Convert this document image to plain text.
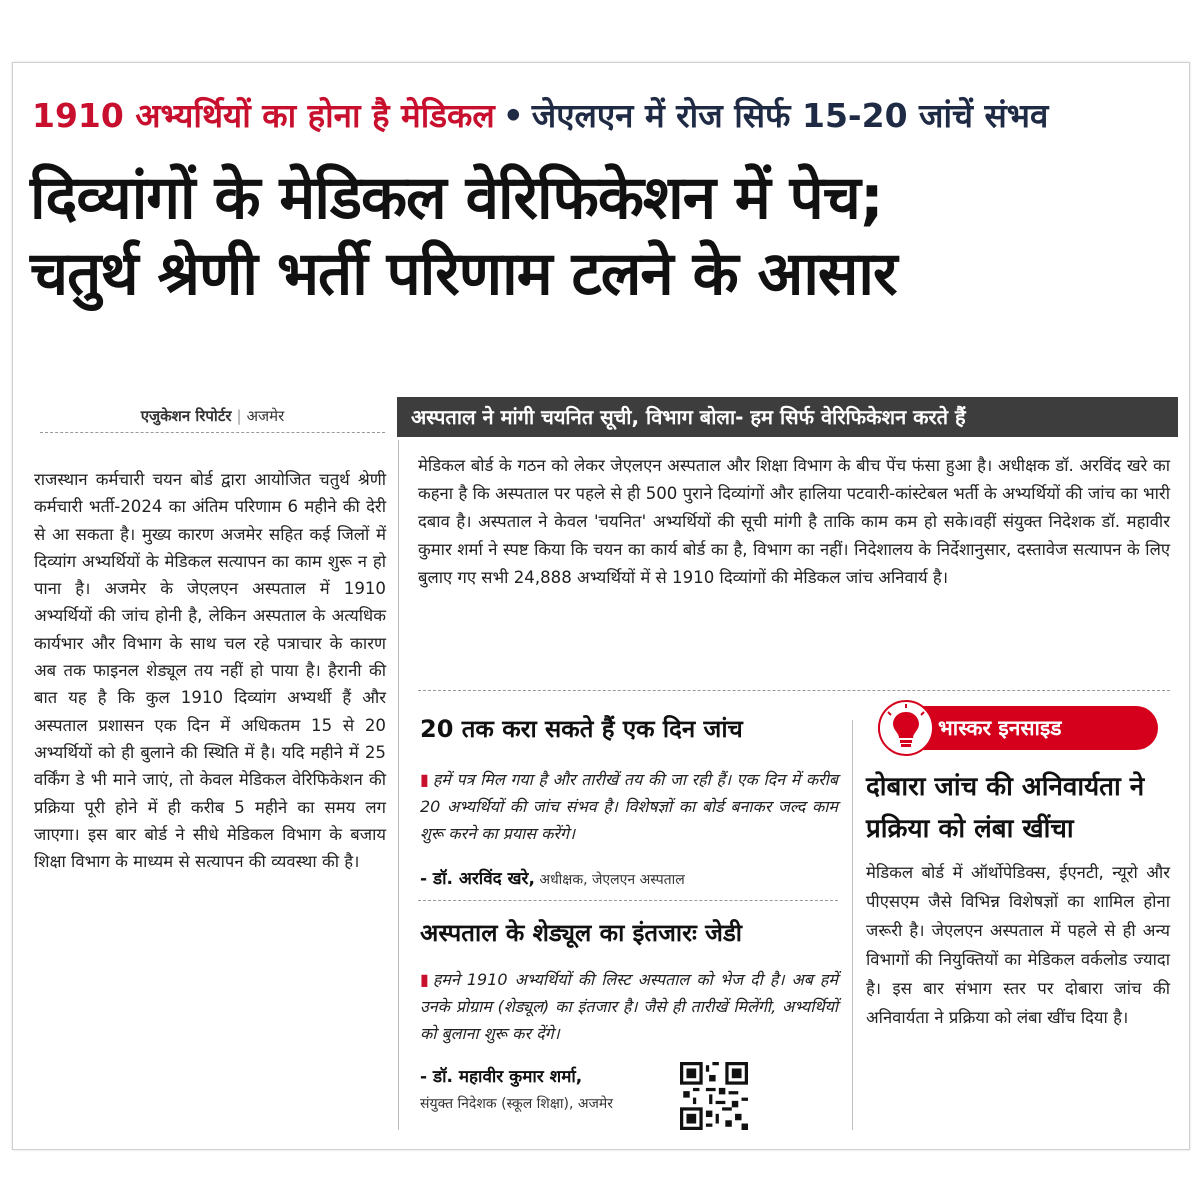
1910 अभ्यर्थियों का होना है मेडिकल • जेएलएन में रोज सिर्फ 15-20 जांचें संभव
दिव्यांगों के मेडिकल वेरिफिकेशन में पेच;
चतुर्थ श्रेणी भर्ती परिणाम टलने के आसार
एजुकेशन रिपोर्टर | अजमेर
राजस्थान कर्मचारी चयन बोर्ड द्वारा आयोजित चतुर्थ श्रेणी कर्मचारी भर्ती-2024 का अंतिम परिणाम 6 महीने की देरी से आ सकता है। मुख्य कारण अजमेर सहित कई जिलों में दिव्यांग अभ्यर्थियों के मेडिकल सत्यापन का काम शुरू न हो पाना है। अजमेर के जेएलएन अस्पताल में 1910 अभ्यर्थियों की जांच होनी है, लेकिन अस्पताल के अत्यधिक कार्यभार और विभाग के साथ चल रहे पत्राचार के कारण अब तक फाइनल शेड्यूल तय नहीं हो पाया है। हैरानी की बात यह है कि कुल 1910 दिव्यांग अभ्यर्थी हैं और अस्पताल प्रशासन एक दिन में अधिकतम 15 से 20 अभ्यर्थियों को ही बुलाने की स्थिति में है। यदि महीने में 25 वर्किंग डे भी माने जाएं, तो केवल मेडिकल वेरिफिकेशन की प्रक्रिया पूरी होने में ही करीब 5 महीने का समय लग जाएगा। इस बार बोर्ड ने सीधे मेडिकल विभाग के बजाय शिक्षा विभाग के माध्यम से सत्यापन की व्यवस्था की है।
अस्पताल ने मांगी चयनित सूची, विभाग बोला- हम सिर्फ वेरिफिकेशन करते हैं
मेडिकल बोर्ड के गठन को लेकर जेएलएन अस्पताल और शिक्षा विभाग के बीच पेंच फंसा हुआ है। अधीक्षक डॉ. अरविंद खरे का कहना है कि अस्पताल पर पहले से ही 500 पुराने दिव्यांगों और हालिया पटवारी-कांस्टेबल भर्ती के अभ्यर्थियों की जांच का भारी दबाव है। अस्पताल ने केवल 'चयनित' अभ्यर्थियों की सूची मांगी है ताकि काम कम हो सके।वहीं संयुक्त निदेशक डॉ. महावीर कुमार शर्मा ने स्पष्ट किया कि चयन का कार्य बोर्ड का है, विभाग का नहीं। निदेशालय के निर्देशानुसार, दस्तावेज सत्यापन के लिए बुलाए गए सभी 24,888 अभ्यर्थियों में से 1910 दिव्यांगों की मेडिकल जांच अनिवार्य है।
20 तक करा सकते हैं एक दिन जांच
▮ हमें पत्र मिल गया है और तारीखें तय की जा रही हैं। एक दिन में करीब 20 अभ्यर्थियों की जांच संभव है। विशेषज्ञों का बोर्ड बनाकर जल्द काम शुरू करने का प्रयास करेंगे।
- डॉ. अरविंद खरे, अधीक्षक, जेएलएन अस्पताल
अस्पताल के शेड्यूल का इंतजारः जेडी
▮ हमने 1910 अभ्यर्थियों की लिस्ट अस्पताल को भेज दी है। अब हमें उनके प्रोग्राम (शेड्यूल) का इंतजार है। जैसे ही तारीखें मिलेंगी, अभ्यर्थियों को बुलाना शुरू कर देंगे।
- डॉ. महावीर कुमार शर्मा,
संयुक्त निदेशक (स्कूल शिक्षा), अजमेर
भास्कर इनसाइड
दोबारा जांच की अनिवार्यता ने प्रक्रिया को लंबा खींचा
मेडिकल बोर्ड में ऑर्थोपेडिक्स, ईएनटी, न्यूरो और पीएसएम जैसे विभिन्न विशेषज्ञों का शामिल होना जरूरी है। जेएलएन अस्पताल में पहले से ही अन्य विभागों की नियुक्तियों का मेडिकल वर्कलोड ज्यादा है। इस बार संभाग स्तर पर दोबारा जांच की अनिवार्यता ने प्रक्रिया को लंबा खींच दिया है।
